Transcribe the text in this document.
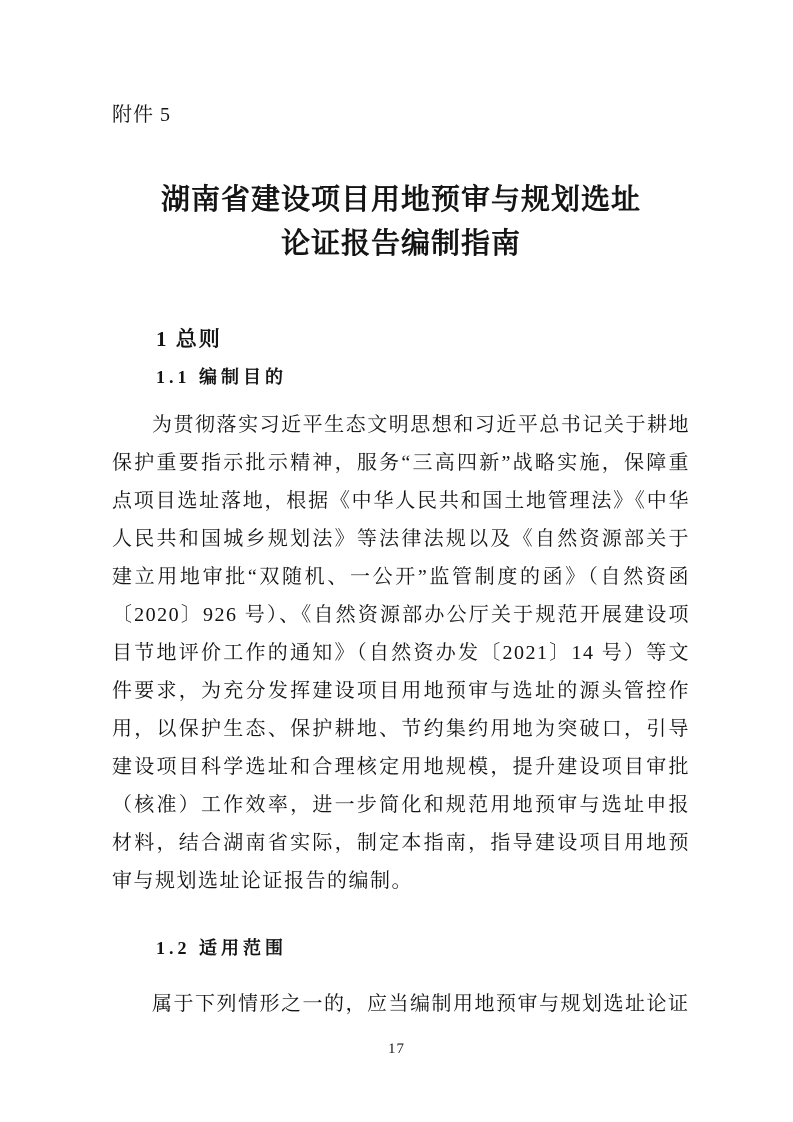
附件 5
湖南省建设项目用地预审与规划选址
论证报告编制指南
1 总则
1.1 编制目的

为贯彻落实习近平生态文明思想和习近平总书记关于耕地保护重要指示批示精神，服务“三高四新”战略实施，保障重点项目选址落地，根据《中华人民共和国土地管理法》《中华人民共和国城乡规划法》等法律法规以及《自然资源部关于建立用地审批“双随机、一公开”监管制度的函》（自然资函〔2020〕926 号）、《自然资源部办公厅关于规范开展建设项目节地评价工作的通知》（自然资办发〔2021〕14 号）等文件要求，为充分发挥建设项目用地预审与选址的源头管控作用，以保护生态、保护耕地、节约集约用地为突破口，引导建设项目科学选址和合理核定用地规模，提升建设项目审批（核准）工作效率，进一步简化和规范用地预审与选址申报材料，结合湖南省实际，制定本指南，指导建设项目用地预审与规划选址论证报告的编制。

1.2 适用范围

属于下列情形之一的，应当编制用地预审与规划选址论证

17
